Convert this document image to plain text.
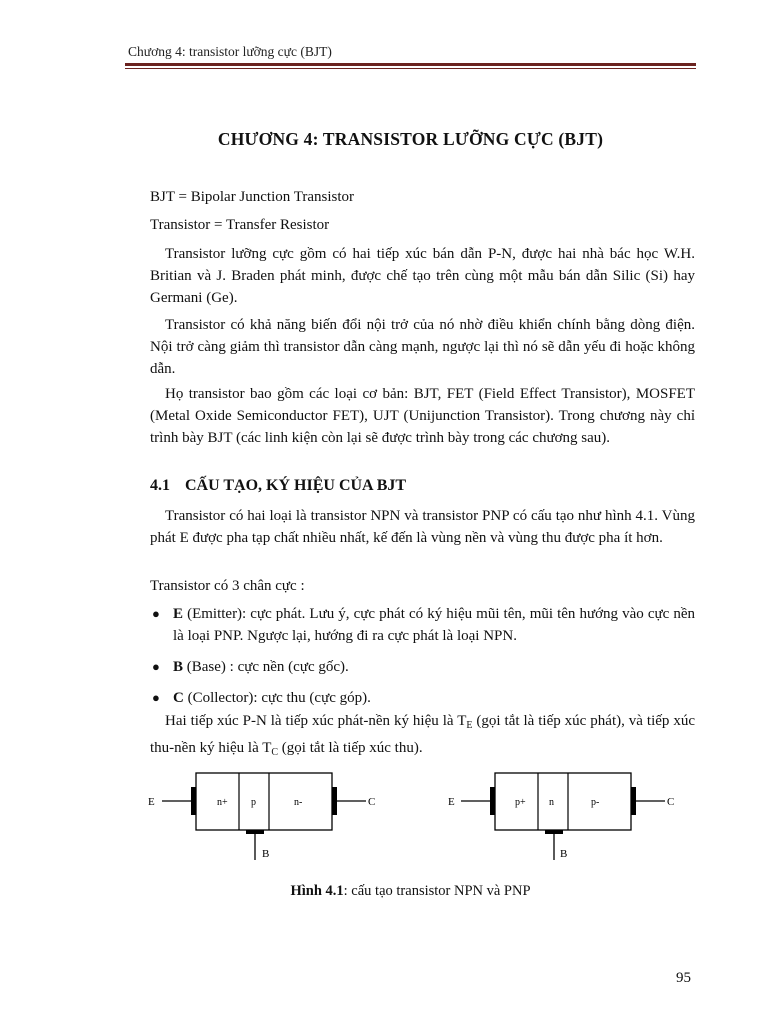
Chương 4: transistor lưỡng cực (BJT)
CHƯƠNG 4: TRANSISTOR LƯỠNG CỰC (BJT)
BJT = Bipolar Junction Transistor
Transistor = Transfer Resistor
Transistor lưỡng cực gồm có hai tiếp xúc bán dẫn P-N, được hai nhà bác học W.H. Britian và J. Braden phát minh, được chế tạo trên cùng một mẫu bán dẫn Silic (Si) hay Germani (Ge).
Transistor có khả năng biến đổi nội trở của nó nhờ điều khiển chính bằng dòng điện. Nội trở càng giảm thì transistor dẫn càng mạnh, ngược lại thì nó sẽ dẫn yếu đi hoặc không dẫn.
Họ transistor bao gồm các loại cơ bản: BJT, FET (Field Effect Transistor), MOSFET (Metal Oxide Semiconductor FET), UJT (Unijunction Transistor). Trong chương này chỉ trình bày BJT (các linh kiện còn lại sẽ được trình bày trong các chương sau).
4.1 CẤU TẠO, KÝ HIỆU CỦA BJT
Transistor có hai loại là transistor NPN và transistor PNP có cấu tạo như hình 4.1. Vùng phát E được pha tạp chất nhiều nhất, kế đến là vùng nền và vùng thu được pha ít hơn.
Transistor có 3 chân cực :
● E (Emitter): cực phát. Lưu ý, cực phát có ký hiệu mũi tên, mũi tên hướng vào cực nền là loại PNP. Ngược lại, hướng đi ra cực phát là loại NPN.
● B (Base) : cực nền (cực gốc).
● C (Collector): cực thu (cực góp).
Hai tiếp xúc P-N là tiếp xúc phát-nền ký hiệu là $T_E$ (gọi tắt là tiếp xúc phát), và tiếp xúc thu-nền ký hiệu là $T_C$ (gọi tắt là tiếp xúc thu).
E	C
B
n+ p	n-	E	C
B
p+ n	p-
Hình 4.1: cấu tạo transistor NPN và PNP
95
